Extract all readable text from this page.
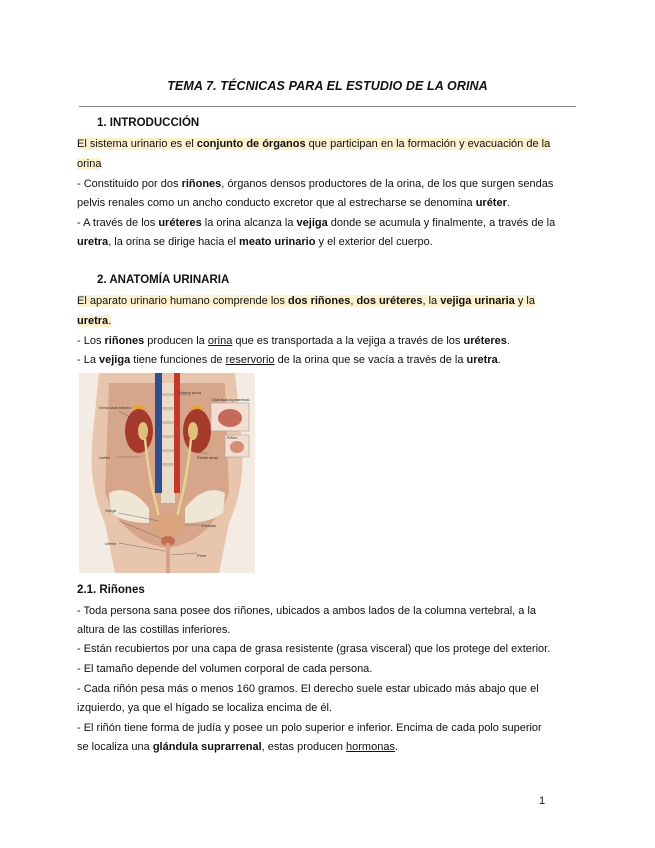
TEMA 7. TÉCNICAS PARA EL ESTUDIO DE LA ORINA
1. INTRODUCCIÓN
El sistema urinario es el conjunto de órganos que participan en la formación y evacuación de la
orina
- Constituido por dos riñones, órganos densos productores de la orina, de los que surgen sendas
pelvis renales como un ancho conducto excretor que al estrecharse se denomina uréter.
- A través de los uréteres la orina alcanza la vejiga donde se acumula y finalmente, a través de la
uretra, la orina se dirige hacia el meato urinario y el exterior del cuerpo.
2. ANATOMÍA URINARIA
El aparato urinario humano comprende los dos riñones, dos uréteres, la vejiga urinaria y la
uretra.
- Los riñones producen la orina que es transportada a la vejiga a través de los uréteres.
- La vejiga tiene funciones de reservorio de la orina que se vacía a través de la uretra.
Arteria aorta
Glándula suprarrenal
Vena cava inferior
Pelvis renal
Uréter
Riñón
Vejiga
Próstata
Uretra
Pene
2.1. Riñones
- Toda persona sana posee dos riñones, ubicados a ambos lados de la columna vertebral, a la
altura de las costillas inferiores.
- Están recubiertos por una capa de grasa resistente (grasa visceral) que los protege del exterior.
- El tamaño depende del volumen corporal de cada persona.
- Cada riñón pesa más o menos 160 gramos. El derecho suele estar ubicado más abajo que el
izquierdo, ya que el hígado se localiza encima de él.
- El riñón tiene forma de judía y posee un polo superior e inferior. Encima de cada polo superior
se localiza una glándula suprarrenal, estas producen hormonas.
1
